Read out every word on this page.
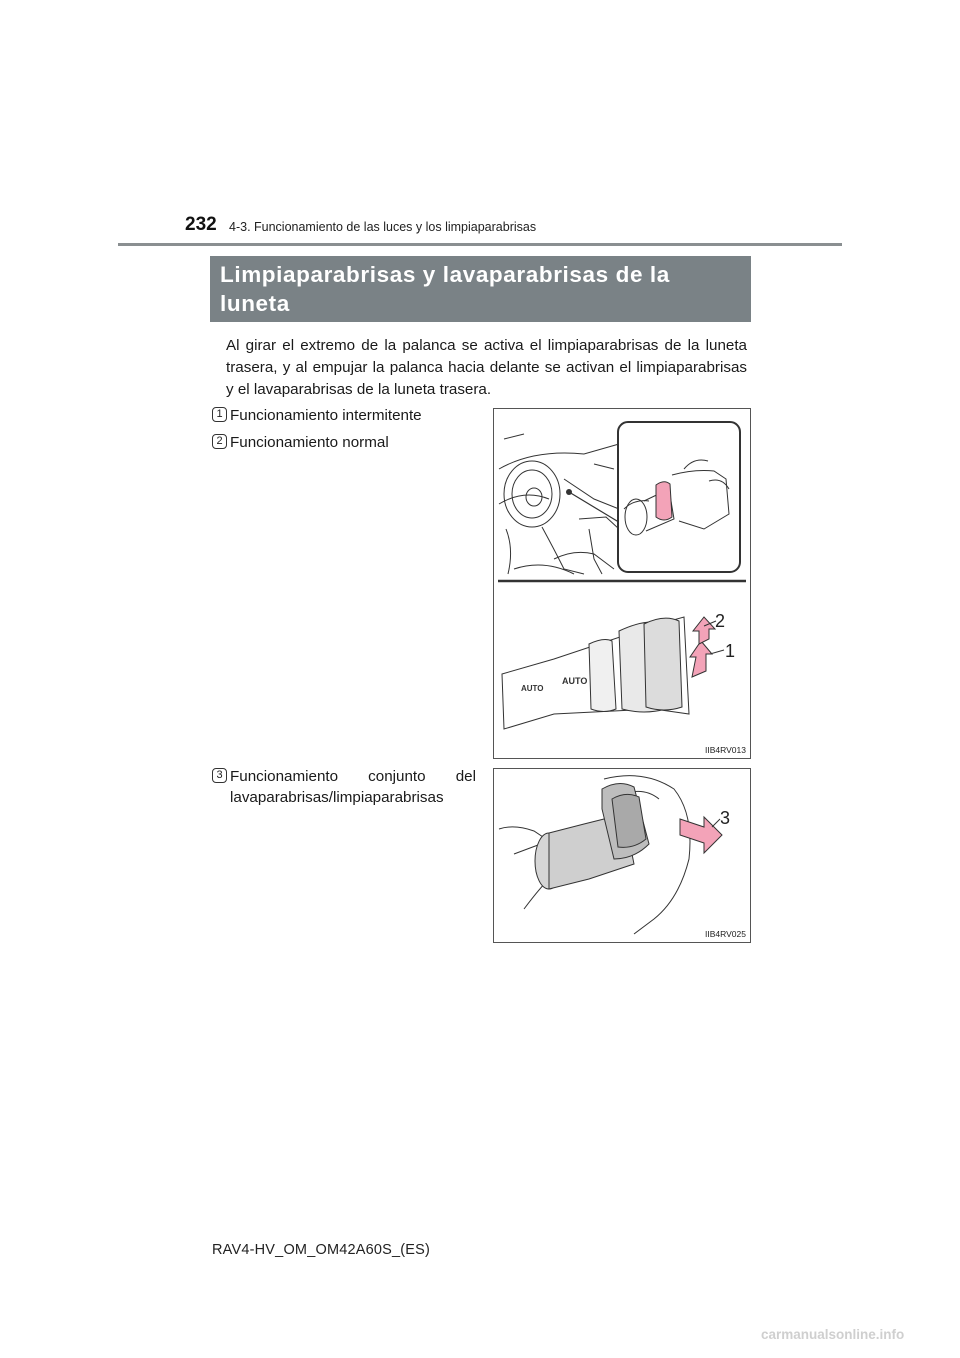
232 4-3. Funcionamiento de las luces y los limpiaparabrisas
Limpiaparabrisas y lavaparabrisas de la luneta
trasera

Al girar el extremo de la palanca se activa el limpiaparabrisas de la luneta trasera, y al empujar la palanca hacia delante se activan el limpiaparabrisas y el lavaparabrisas de la luneta trasera.

1 Funcionamiento intermitente
2 Funcionamiento normal
3 Funcionamiento conjunto del lavaparabrisas/limpiaparabrisas
AUTO
AUTO
2
1
IIB4RV013
3
IIB4RV025
RAV4-HV_OM_OM42A60S_(ES)
carmanualsonline.info
